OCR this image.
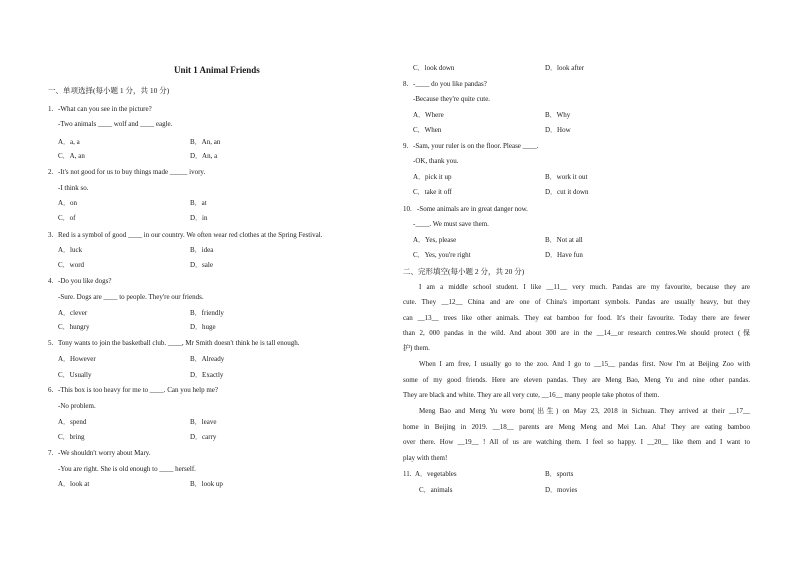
Unit 1 Animal Friends
一、单项选择(每小题 1 分，共 10 分)
1. -What can you see in the picture?
-Two animals ____ wolf and ____ eagle.
A．a, a	B．An, an
C．A, an	D．An, a
2. -It's not good for us to buy things made _____ ivory.
-I think so.
A．on	B．at
C．of	D．in
3. Red is a symbol of good ____ in our country. We often wear red clothes at the Spring Festival.
A．luck	B．idea
C．word	D．sale
4. -Do you like dogs?
-Sure. Dogs are ____ to people. They're our friends.
A．clever	B．friendly
C．hungry	D．huge
5. Tony wants to join the basketball club. ____, Mr Smith doesn't think he is tall enough.
A．However	B．Already
C．Usually	D．Exactly
6. -This box is too heavy for me to ____. Can you help me?
-No problem.
A．spend	B．leave
C．bring	D．carry
7. -We shouldn't worry about Mary.
-You are right. She is old enough to ____ herself.
A．look at	B．look up
C．look down	D．look after
8. -____ do you like pandas?
-Because they're quite cute.
A．Where	B．Why
C．When	D．How
9. -Sam, your ruler is on the floor. Please ____.
-OK, thank you.
A．pick it up	B．work it out
C．take it off	D．cut it down
10. -Some animals are in great danger now.
-____. We must save them.
A．Yes, please	B．Not at all
C．Yes, you're right	D．Have fun
二、完形填空(每小题 2 分，共 20 分)
I am a middle school student. I like __11__ very much. Pandas are my favourite, because they are
cute. They __12__ China and are one of China's important symbols. Pandas are usually heavy, but they
can __13__ trees like other animals. They eat bamboo for food. It's their favourite. Today there are fewer
than 2, 000 pandas in the wild. And about 300 are in the __14__or research centres.We should protect (保
护) them.
When I am free, I usually go to the zoo. And I go to __15__ pandas first. Now I'm at Beijing Zoo with
some of my good friends. Here are eleven pandas. They are Meng Bao, Meng Yu and nine other pandas.
They are black and white. They are all very cute, __16__ many people take photos of them.
Meng Bao and Meng Yu were born(出生) on May 23, 2018 in Sichuan. They arrived at their __17__
home in Beijing in 2019. __18__ parents are Meng Meng and Mei Lan. Aha! They are eating bamboo
over there. How __19__ ! All of us are watching them. I feel so happy. I __20__ like them and I want to
play with them!
11. A．vegetables	B．sports
C．animals	D．movies
